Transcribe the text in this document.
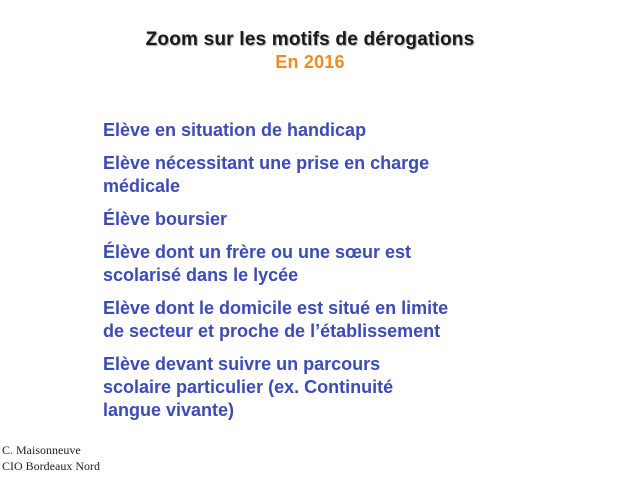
Zoom sur les motifs de dérogations
En 2016
Elève en situation de handicap
Elève nécessitant une prise en charge
médicale
Élève boursier
Élève dont un frère ou une sœur est
scolarisé dans le lycée
Elève dont le domicile est situé en limite
de secteur et proche de l’établissement
Elève devant suivre un parcours
scolaire particulier (ex. Continuité
langue vivante)
C. Maisonneuve
CIO Bordeaux Nord
